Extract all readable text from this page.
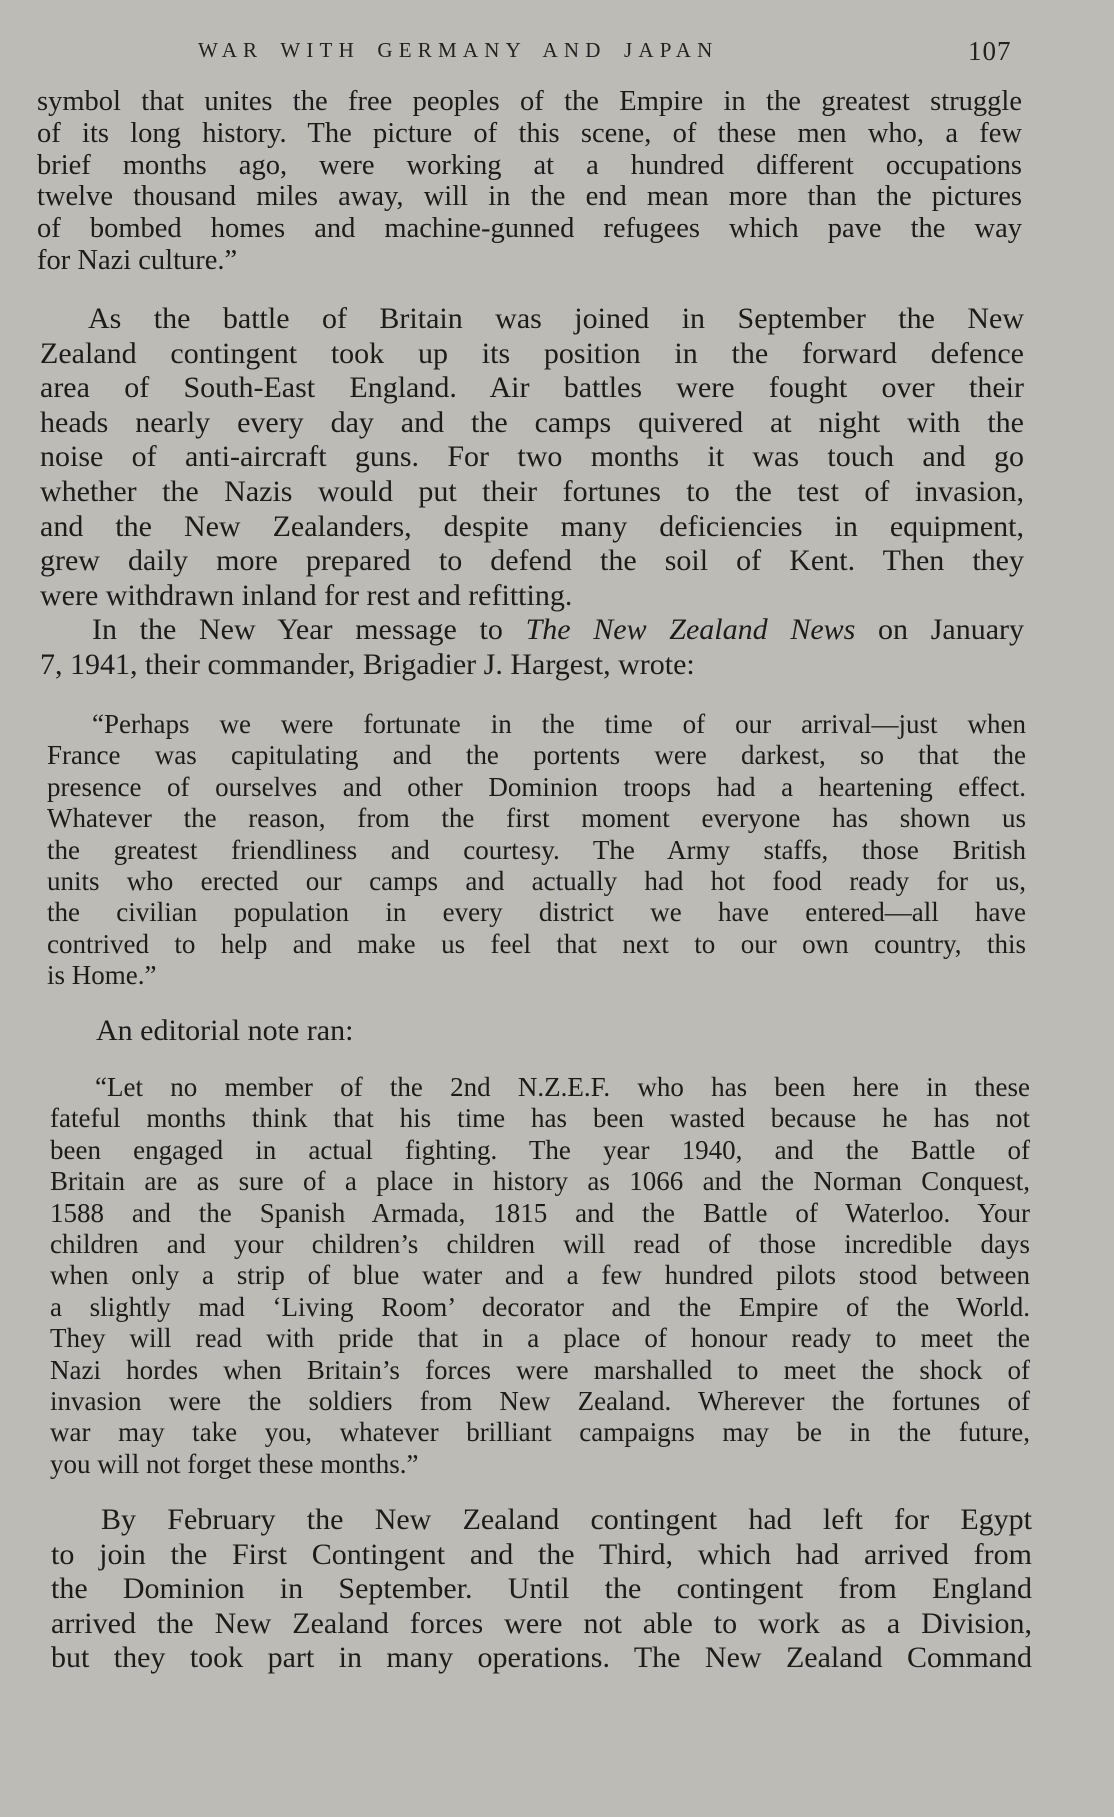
WAR WITH GERMANY AND JAPAN	107
symbol that unites the free peoples of the Empire in the greatest struggle
of its long history. The picture of this scene, of these men who, a few
brief months ago, were working at a hundred different occupations
twelve thousand miles away, will in the end mean more than the pictures
of bombed homes and machine-gunned refugees which pave the way
for Nazi culture.”
As the battle of Britain was joined in September the New
Zealand contingent took up its position in the forward defence
area of South-East England. Air battles were fought over their
heads nearly every day and the camps quivered at night with the
noise of anti-aircraft guns. For two months it was touch and go
whether the Nazis would put their fortunes to the test of invasion,
and the New Zealanders, despite many deficiencies in equipment,
grew daily more prepared to defend the soil of Kent. Then they
were withdrawn inland for rest and refitting.
In the New Year message to The New Zealand News on January
7, 1941, their commander, Brigadier J. Hargest, wrote:
“Perhaps we were fortunate in the time of our arrival—just when
France was capitulating and the portents were darkest, so that the
presence of ourselves and other Dominion troops had a heartening effect.
Whatever the reason, from the first moment everyone has shown us
the greatest friendliness and courtesy. The Army staffs, those British
units who erected our camps and actually had hot food ready for us,
the civilian population in every district we have entered—all have
contrived to help and make us feel that next to our own country, this
is Home.”
An editorial note ran:
“Let no member of the 2nd N.Z.E.F. who has been here in these
fateful months think that his time has been wasted because he has not
been engaged in actual fighting. The year 1940, and the Battle of
Britain are as sure of a place in history as 1066 and the Norman Conquest,
1588 and the Spanish Armada, 1815 and the Battle of Waterloo. Your
children and your children’s children will read of those incredible days
when only a strip of blue water and a few hundred pilots stood between
a slightly mad ‘Living Room’ decorator and the Empire of the World.
They will read with pride that in a place of honour ready to meet the
Nazi hordes when Britain’s forces were marshalled to meet the shock of
invasion were the soldiers from New Zealand. Wherever the fortunes of
war may take you, whatever brilliant campaigns may be in the future,
you will not forget these months.”
By February the New Zealand contingent had left for Egypt
to join the First Contingent and the Third, which had arrived from
the Dominion in September. Until the contingent from England
arrived the New Zealand forces were not able to work as a Division,
but they took part in many operations. The New Zealand Command
